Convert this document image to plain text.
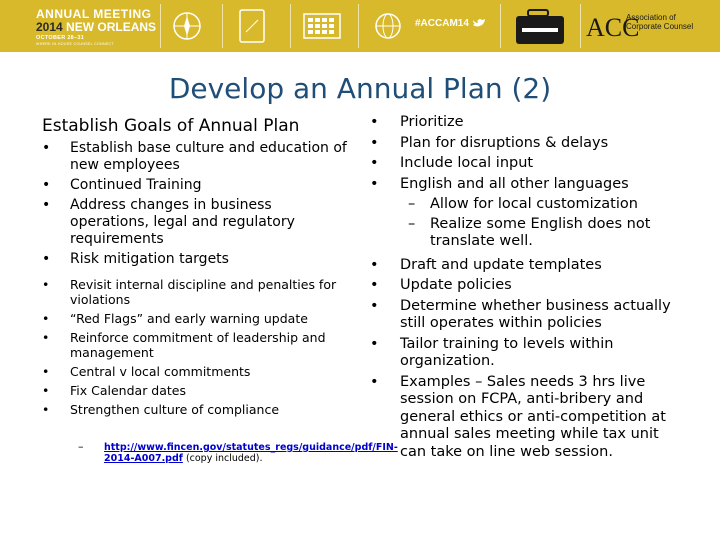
ANNUAL MEETING
2014 NEW ORLEANS
OCTOBER 28–31
WHERE IN-HOUSE COUNSEL CONNECT
#ACCAM14	ACC
Association of
Corporate Counsel
Develop an Annual Plan (2)
Establish Goals of Annual Plan
• Establish base culture and education of new employees
• Continued Training
• Address changes in business operations, legal and regulatory requirements
• Risk mitigation targets
• Revisit internal discipline and penalties for violations
• “Red Flags” and early warning update
• Reinforce commitment of leadership and management
• Central v local commitments
• Fix Calendar dates
• Strengthen culture of compliance
– http://www.fincen.gov/statutes_regs/guidance/pdf/FIN-2014-A007.pdf (copy included).
• Prioritize
• Plan for disruptions & delays
• Include local input
• English and all other languages
– Allow for local customization
– Realize some English does not translate well.
• Draft and update templates
• Update policies
• Determine whether business actually still operates within policies
• Tailor training to levels within organization.
• Examples – Sales needs 3 hrs live session on FCPA, anti-bribery and general ethics or anti-competition at annual sales meeting while tax unit can take on line web session.
